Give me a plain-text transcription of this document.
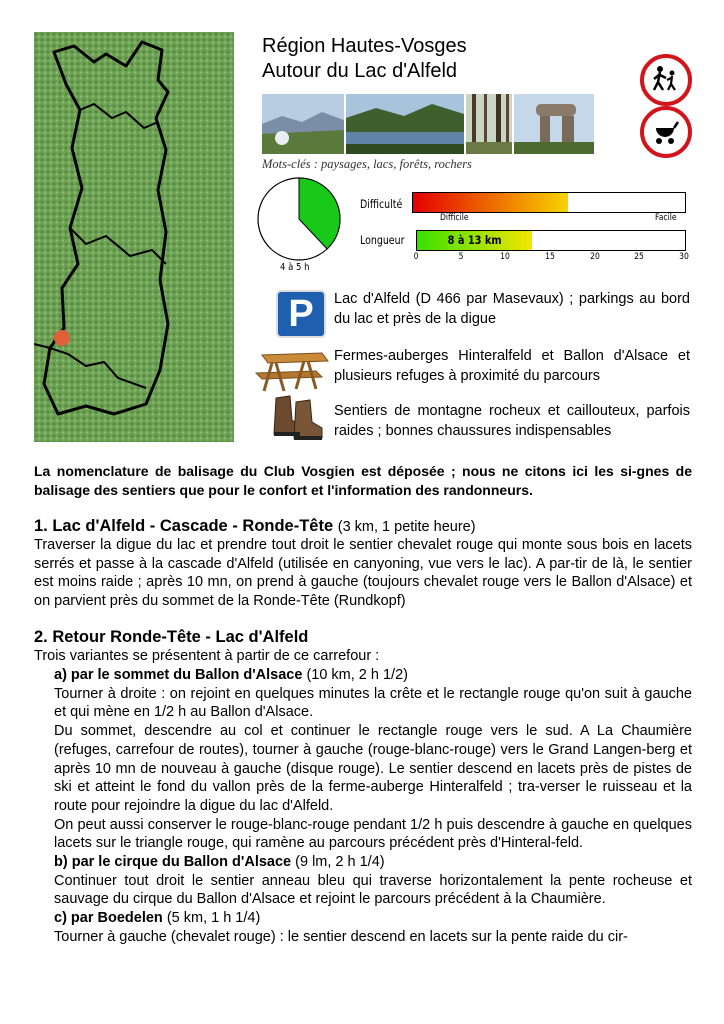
Région Hautes-Vosges
Autour du Lac d'Alfeld
Mots-clés : paysages, lacs, forêts, rochers
4 à 5 h
Difficulté
Difficile	Facile
Longueur	8 à 13 km
0	5	10	15	20	25	30
P	Lac d'Alfeld (D 466 par Masevaux) ; parkings au bord du lac et près de la digue
Fermes-auberges Hinteralfeld et Ballon d'Alsace et plusieurs refuges à proximité du parcours
Sentiers de montagne rocheux et caillouteux, parfois raides ; bonnes chaussures indispensables
La nomenclature de balisage du Club Vosgien est déposée ; nous ne citons ici les si-gnes de balisage des sentiers que pour le confort et l'information des randonneurs.
1. Lac d'Alfeld - Cascade - Ronde-Tête (3 km, 1 petite heure)
Traverser la digue du lac et prendre tout droit le sentier chevalet rouge qui monte sous bois en lacets serrés et passe à la cascade d'Alfeld (utilisée en canyoning, vue vers le lac). A par-tir de là, le sentier est moins raide ; après 10 mn, on prend à gauche (toujours chevalet rouge vers le Ballon d'Alsace) et on parvient près du sommet de la Ronde-Tête (Rundkopf)
2. Retour Ronde-Tête - Lac d'Alfeld
Trois variantes se présentent à partir de ce carrefour :
a) par le sommet du Ballon d'Alsace (10 km, 2 h 1/2)
Tourner à droite : on rejoint en quelques minutes la crête et le rectangle rouge qu'on suit à gauche et qui mène en 1/2 h au Ballon d'Alsace.
Du sommet, descendre au col et continuer le rectangle rouge vers le sud. A La Chaumière (refuges, carrefour de routes), tourner à gauche (rouge-blanc-rouge) vers le Grand Langen-berg et après 10 mn de nouveau à gauche (disque rouge). Le sentier descend en lacets près de pistes de ski et atteint le fond du vallon près de la ferme-auberge Hinteralfeld ; tra-verser le ruisseau et la route pour rejoindre la digue du lac d'Alfeld.
On peut aussi conserver le rouge-blanc-rouge pendant 1/2 h puis descendre à gauche en quelques lacets sur le triangle rouge, qui ramène au parcours précédent près d'Hinteral-feld.
b) par le cirque du Ballon d'Alsace (9 lm, 2 h 1/4)
Continuer tout droit le sentier anneau bleu qui traverse horizontalement la pente rocheuse et sauvage du cirque du Ballon d'Alsace et rejoint le parcours précédent à la Chaumière.
c) par Boedelen (5 km, 1 h 1/4)
Tourner à gauche (chevalet rouge) : le sentier descend en lacets sur la pente raide du cir-
